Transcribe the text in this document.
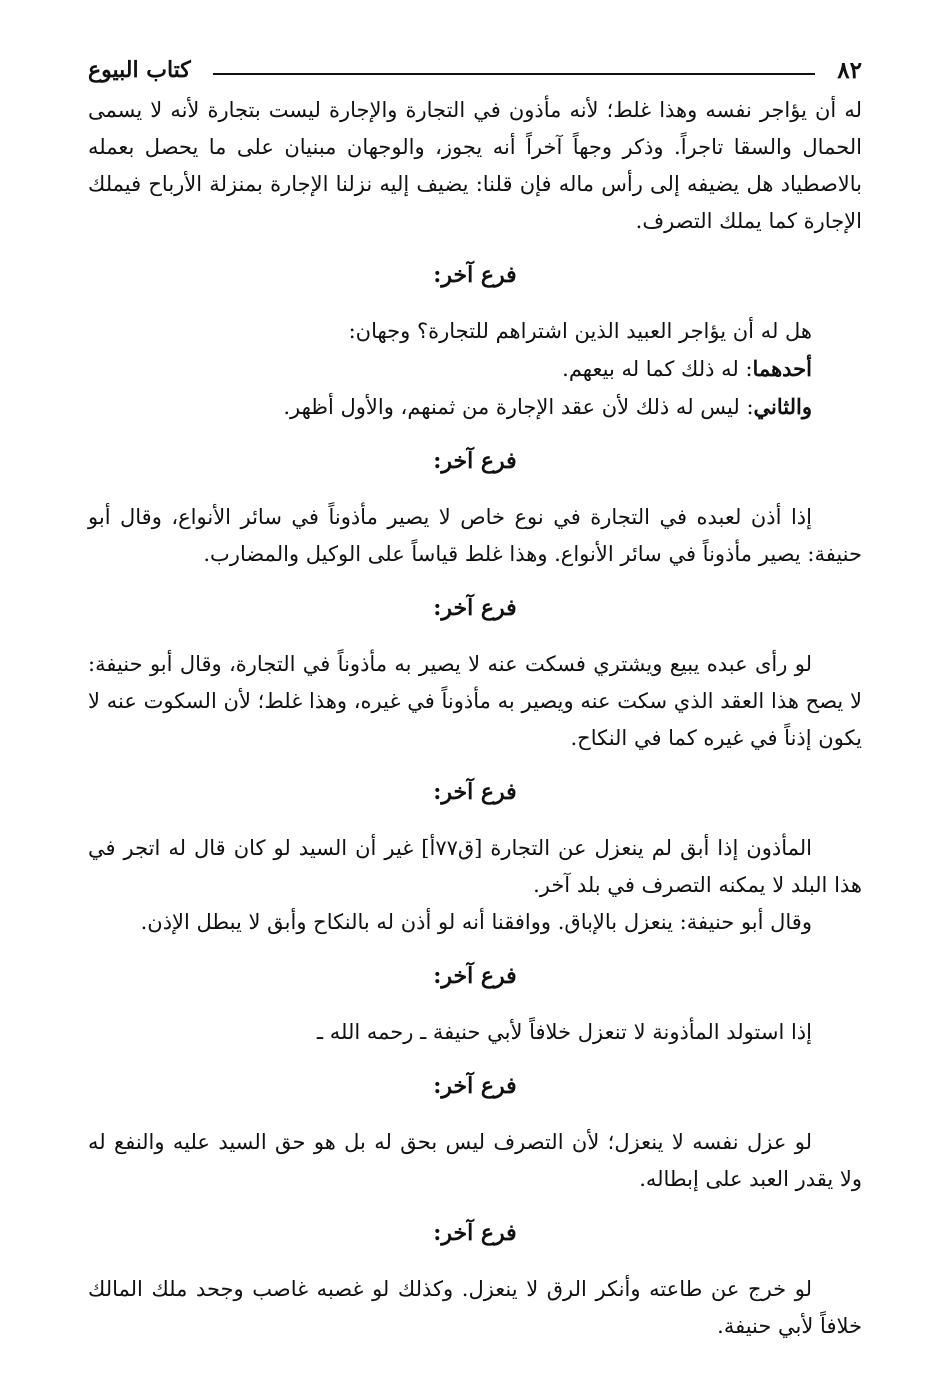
٨٢
كتاب البيوع

له أن يؤاجر نفسه وهذا غلط؛ لأنه مأذون في التجارة والإجارة ليست بتجارة لأنه لا يسمى الحمال والسقا تاجراً. وذكر وجهاً آخراً أنه يجوز، والوجهان مبنيان على ما يحصل بعمله بالاصطياد هل يضيفه إلى رأس ماله فإن قلنا: يضيف إليه نزلنا الإجارة بمنزلة الأرباح فيملك الإجارة كما يملك التصرف.

فرع آخر:

هل له أن يؤاجر العبيد الذين اشتراهم للتجارة؟ وجهان:

أحدهما: له ذلك كما له بيعهم.

والثاني: ليس له ذلك لأن عقد الإجارة من ثمنهم، والأول أظهر.

فرع آخر:

إذا أذن لعبده في التجارة في نوع خاص لا يصير مأذوناً في سائر الأنواع، وقال أبو حنيفة: يصير مأذوناً في سائر الأنواع. وهذا غلط قياساً على الوكيل والمضارب.

فرع آخر:

لو رأى عبده يبيع ويشتري فسكت عنه لا يصير به مأذوناً في التجارة، وقال أبو حنيفة: لا يصح هذا العقد الذي سكت عنه ويصير به مأذوناً في غيره، وهذا غلط؛ لأن السكوت عنه لا يكون إذناً في غيره كما في النكاح.

فرع آخر:

المأذون إذا أبق لم ينعزل عن التجارة [ق٧٧أ] غير أن السيد لو كان قال له اتجر في هذا البلد لا يمكنه التصرف في بلد آخر.

وقال أبو حنيفة: ينعزل بالإباق. ووافقنا أنه لو أذن له بالنكاح وأبق لا يبطل الإذن.

فرع آخر:

إذا استولد المأذونة لا تنعزل خلافاً لأبي حنيفة ـ رحمه الله ـ

فرع آخر:

لو عزل نفسه لا ينعزل؛ لأن التصرف ليس بحق له بل هو حق السيد عليه والنفع له ولا يقدر العبد على إبطاله.

فرع آخر:

لو خرج عن طاعته وأنكر الرق لا ينعزل. وكذلك لو غصبه غاصب وجحد ملك المالك خلافاً لأبي حنيفة.
